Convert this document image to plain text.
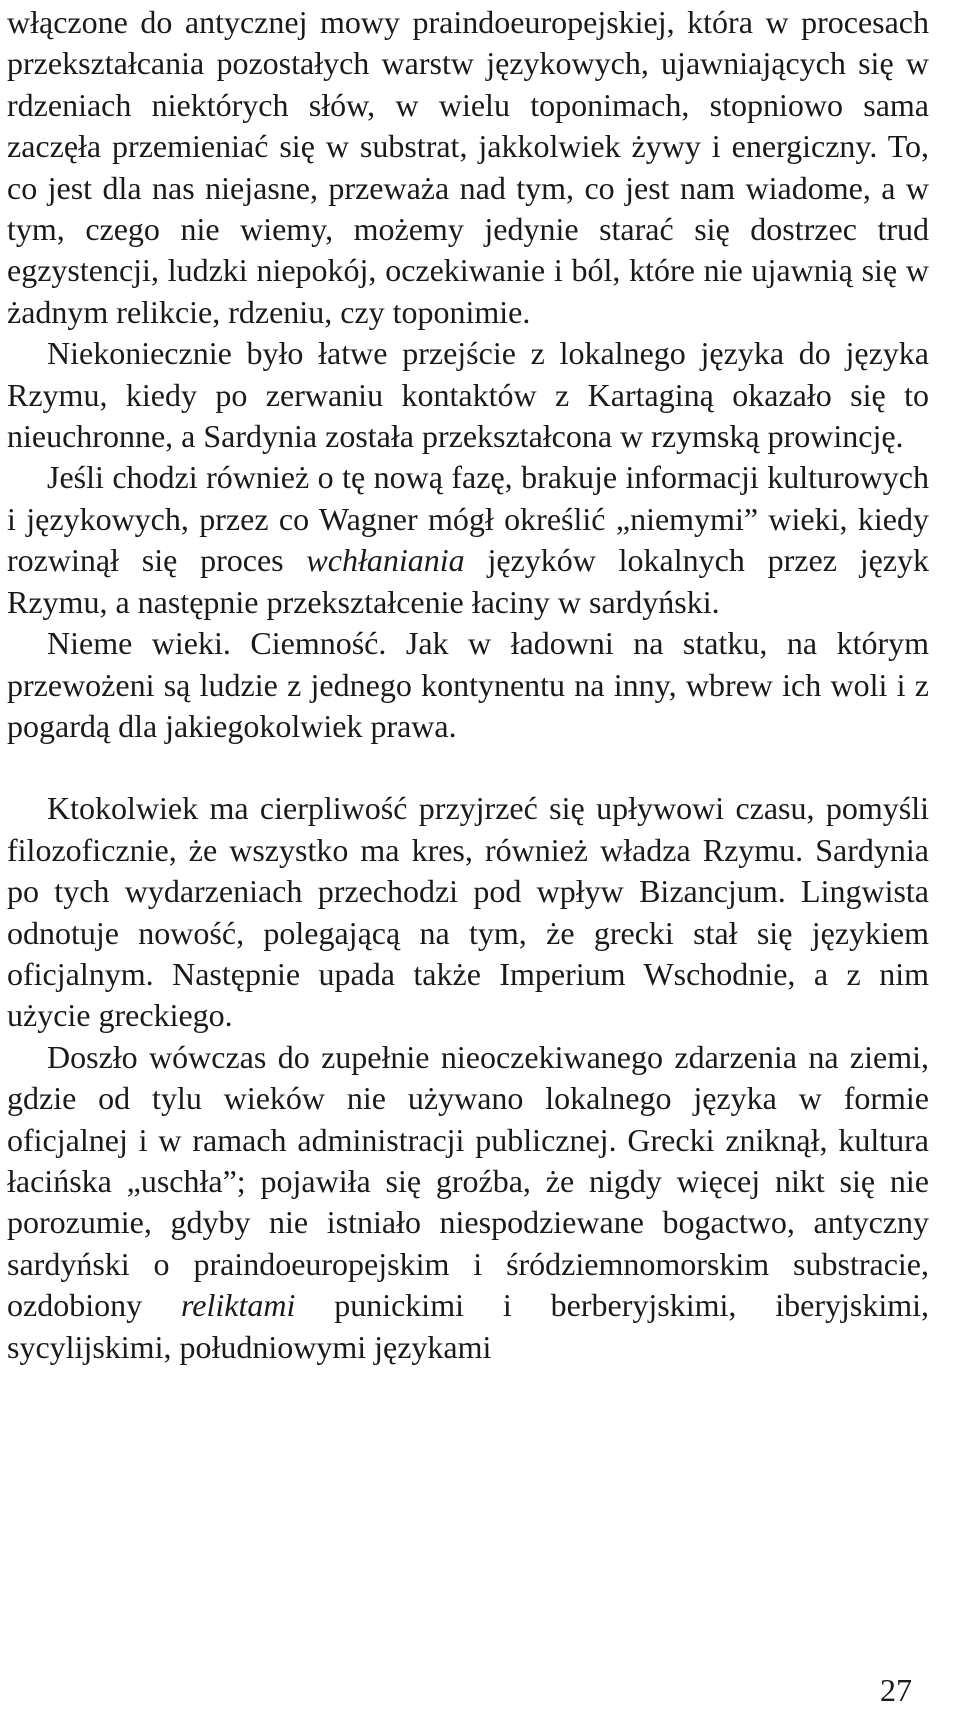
włączone do antycznej mowy praindoeuropejskiej, która w procesach przekształcania pozostałych warstw językowych, ujawniających się w rdzeniach niektórych słów, w wielu toponimach, stopniowo sama zaczęła przemieniać się w substrat, jakkolwiek żywy i energiczny. To, co jest dla nas niejasne, przeważa nad tym, co jest nam wiadome, a w tym, czego nie wiemy, możemy jedynie starać się dostrzec trud egzystencji, ludzki niepokój, oczekiwanie i ból, które nie ujawnią się w żadnym relikcie, rdzeniu, czy toponimie.

Niekoniecznie było łatwe przejście z lokalnego języka do języka Rzymu, kiedy po zerwaniu kontaktów z Kartaginą okazało się to nieuchronne, a Sardynia została przekształcona w rzymską prowincję.

Jeśli chodzi również o tę nową fazę, brakuje informacji kulturowych i językowych, przez co Wagner mógł określić „niemymi” wieki, kiedy rozwinął się proces wchłaniania języków lokalnych przez język Rzymu, a następnie przekształcenie łaciny w sardyński.

Nieme wieki. Ciemność. Jak w ładowni na statku, na którym przewożeni są ludzie z jednego kontynentu na inny, wbrew ich woli i z pogardą dla jakiegokolwiek prawa.

Ktokolwiek ma cierpliwość przyjrzeć się upływowi czasu, pomyśli filozoficznie, że wszystko ma kres, również władza Rzymu. Sardynia po tych wydarzeniach przechodzi pod wpływ Bizancjum. Lingwista odnotuje nowość, polegającą na tym, że grecki stał się językiem oficjalnym. Następnie upada także Imperium Wschodnie, a z nim użycie greckiego.

Doszło wówczas do zupełnie nieoczekiwanego zdarzenia na ziemi, gdzie od tylu wieków nie używano lokalnego języka w formie oficjalnej i w ramach administracji publicznej. Grecki zniknął, kultura łacińska „uschła”; pojawiła się groźba, że nigdy więcej nikt się nie porozumie, gdyby nie istniało niespodziewane bogactwo, antyczny sardyński o praindoeuropejskim i śródziemnomorskim substracie, ozdobiony reliktami punickimi i berberyjskimi, iberyjskimi, sycylijskimi, południowymi językami

27
